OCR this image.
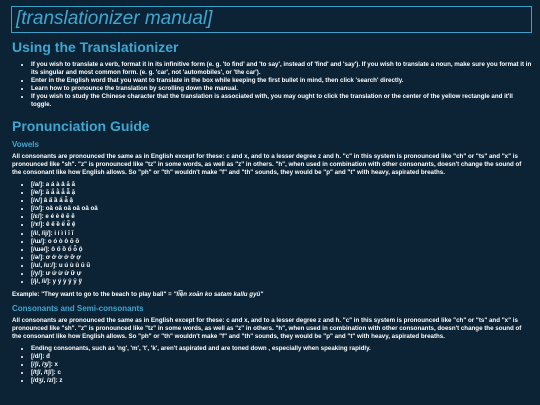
[translationizer manual]
Using the Translationizer
• If you wish to translate a verb, format it in its infinitive form (e. g. 'to find' and 'to say', instead of 'find' and 'say'). If you wish to translate a noun, make sure you format it in its singular and most common form. (e. g. 'car', not 'automobiles', or 'the car').
• Enter in the English word that you want to translate in the box while keeping the first bullet in mind, then click 'search' directly.
• Learn how to pronounce the translation by scrolling down the manual.
• If you wish to study the Chinese character that the translation is associated with, you may ought to click the translation or the center of the yellow rectangle and it'll toggle.
Pronunciation Guide
Vowels

All consonants are pronounced the same as in English except for these: c and x, and to a lesser degree z and h. "c" in this system is pronounced like "ch" or "ts" and "x" is pronounced like "sh". "z" is pronounced like "tz" in some words, as well as "z" in others. "h", when used in combination with other consonants, doesn't change the sound of the consonant like how English allows. So "ph" or "th" wouldn't make "f" and "th" sounds, they would be "p" and "t" with heavy, aspirated breaths.

• [/a/]: a á à â ā ã
• [/e/]: ă ắ ằ ẳ ẵ ặ
• [/ʌ/] â ấ ầ ẩ ẫ ậ
• [/ɔ/]: oǎ oǎ oǎ oǎ oǎ oǎ
• [/ɛ/]: e é è ê ē ẽ
• [/ɤ/]: ê ế ề ể ễ ệ
• [/i/, /ij/]: i í ì î ī ĩ
• [/ɯ/]: o ó ò ô ō õ
• [/ɯə/]: ô ố ồ ổ ỗ ộ
• [/ə/]: ơ ớ ờ ở ỡ ợ
• [/u/, /uː/]: u ú ù û ū ũ
• [/y/]: ư ứ ừ ử ữ ự
• [/j/, /i/]: y ý ỳ ŷ ȳ ỹ

Example: "They want to go to the beach to play ball" = "lî̃ệ̃n xoăn ko satam kallu gyû"

Consonants and Semi-consonants

All consonants are pronounced the same as in English except for these: c and x, and to a lesser degree z and h. "c" in this system is pronounced like "ch" or "ts" and "x" is pronounced like "sh". "z" is pronounced like "tz" in some words, as well as "z" in others. "h", when used in combination with other consonants, doesn't change the sound of the consonant like how English allows. So "ph" or "th" wouldn't make "f" and "th" sounds, they would be "p" and "t" with heavy, aspirated breaths.

• Ending consonants, such as 'ng', 'm', 't', 'k', aren't aspirated and are toned down , especially when speaking rapidly.
• [/d/]: đ
• [/ʃ/, /ʒ/]: x
• [/tʃ/, /tʃ/]: c
• [/dʒ/, /z/]: z
